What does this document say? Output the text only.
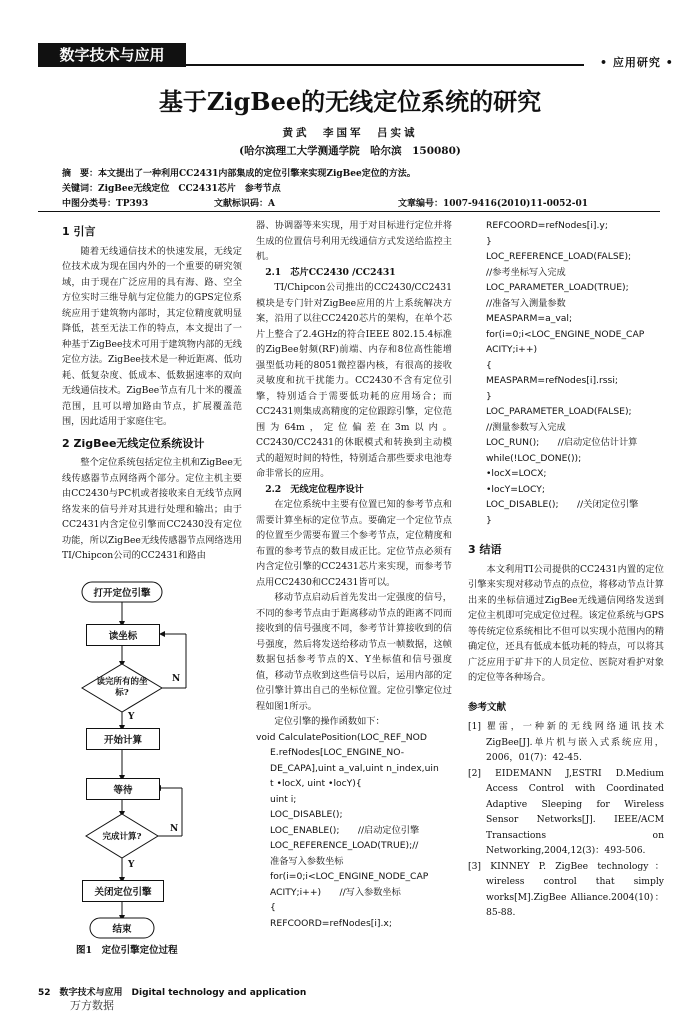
数字技术与应用	• 应用研究 •
基于ZigBee的无线定位系统的研究
黄武　李国军　吕实诚
(哈尔滨理工大学测通学院　哈尔滨　150080)
摘　要：本文提出了一种利用CC2431内部集成的定位引擎来实现ZigBee定位的方法。
关键词：ZigBee无线定位　CC2431芯片　参考节点
中图分类号：TP393	文献标识码：A	文章编号：1007-9416(2010)11-0052-01
1 引言

随着无线通信技术的快速发展，无线定位技术成为现在国内外的一个重要的研究领域，由于现在广泛应用的具有海、路、空全方位实时三维导航与定位能力的GPS定位系统应用于建筑物内部时，其定位精度就明显降低，甚至无法工作的特点，本文提出了一种基于ZigBee技术可用于建筑物内部的无线定位方法。ZigBee技术是一种近距离、低功耗、低复杂度、低成本、低数据速率的双向无线通信技术。ZigBee节点有几十米的覆盖范围，且可以增加路由节点，扩展覆盖范围，因此适用于家庭住宅。

2 ZigBee无线定位系统设计

整个定位系统包括定位主机和ZigBee无线传感器节点网络两个部分。定位主机主要由CC2430与PC机或者接收来自无线节点网络发来的信号并对其进行处理和输出；由于CC2431内含定位引擎而CC2430没有定位功能，所以ZigBee无线传感器节点网络选用TI/Chipcon公司的CC2431和路由

打开定位引擎
读坐标
读完所有的坐标?
N
Y
开始计算
等待
完成计算?
N
Y
关闭定位引擎
结束
图1　定位引擎定位过程

器、协调器等来实现，用于对目标进行定位并将生成的位置信号利用无线通信方式发送给监控主机。

2.1　芯片CC2430 /CC2431

TI/Chipcon公司推出的CC2430/CC2431模块是专门针对ZigBee应用的片上系统解决方案，沿用了以往CC2420芯片的架构，在单个芯片上整合了2.4GHz的符合IEEE 802.15.4标准的ZigBee射频(RF)前端、内存和8位高性能增强型低功耗的8051微控器内核，有很高的接收灵敏度和抗干扰能力。CC2430不含有定位引擎，特别适合于需要低功耗的应用场合；而CC2431则集成高精度的定位跟踪引擎，定位范围为64m，定位偏差在3m以内。CC2430/CC2431的休眠模式和转换到主动模式的超短时间的特性，特别适合那些要求电池寿命非常长的应用。

2.2　无线定位程序设计

在定位系统中主要有位置已知的参考节点和需要计算坐标的定位节点。要确定一个定位节点的位置至少需要布置三个参考节点，定位精度和布置的参考节点的数目成正比。定位节点必须有内含定位引擎的CC2431芯片来实现，而参考节点用CC2430和CC2431皆可以。

移动节点启动后首先发出一定强度的信号，不同的参考节点由于距离移动节点的距离不同而接收到的信号强度不同，参考节计算接收到的信号强度，然后将发送给移动节点一帧数据，这帧数据包括参考节点的X、Y坐标值和信号强度值，移动节点收到这些信号以后，运用内部的定位引擎计算出自己的坐标位置。定位引擎定位过程如图1所示。

定位引擎的操作函数如下：

void CalculatePosition(LOC_REF_NOD
E.refNodes[LOC_ENGINE_NO-
DE_CAPA],uint a_val,uint n_index,uin
t •locX, uint •locY){
uint i;
LOC_DISABLE();
LOC_ENABLE();　　//启动定位引擎
LOC_REFERENCE_LOAD(TRUE);//
准备写入参数坐标
for(i=0;i<LOC_ENGINE_NODE_CAP
ACITY;i++)　　//写入参数坐标
{
REFCOORD=refNodes[i].x;
REFCOORD=refNodes[i].y;
}
LOC_REFERENCE_LOAD(FALSE);
//参考坐标写入完成
LOC_PARAMETER_LOAD(TRUE);
//准备写入测量参数
MEASPARM=a_val;
for(i=0;i<LOC_ENGINE_NODE_CAP
ACITY;i++)
{
MEASPARM=refNodes[i].rssi;
}
LOC_PARAMETER_LOAD(FALSE);
//测量参数写入完成
LOC_RUN();　　//启动定位估计计算
while(!LOC_DONE());
•locX=LOCX;
•locY=LOCY;
LOC_DISABLE();　　//关闭定位引擎
}
3 结语

本文利用TI公司提供的CC2431内置的定位引擎来实现对移动节点的点位，将移动节点计算出来的坐标信通过ZigBee无线通信网络发送到定位主机即可完成定位过程。该定位系统与GPS等传统定位系统相比不但可以实现小范围内的精确定位，还具有低成本低功耗的特点，可以将其广泛应用于矿井下的人员定位、医院对看护对象的定位等各种场合。

参考文献

[1] 瞿雷，一种新的无线网络通讯技术ZigBee[J].单片机与嵌入式系统应用，2006，01(7)：42-45.

[2] EIDEMANN J,ESTRI D.Medium Access Control with Coordinated Adaptive Sleeping for Wireless Sensor Networks[J]. IEEE/ACM Transactions on Networking,2004,12(3)：493-506.

[3] KINNEY P. ZigBee technology：wireless control that simply works[M].ZigBee Alliance.2004(10)：85-88.

52　数字技术与应用　Digital technology and application
万方数据
